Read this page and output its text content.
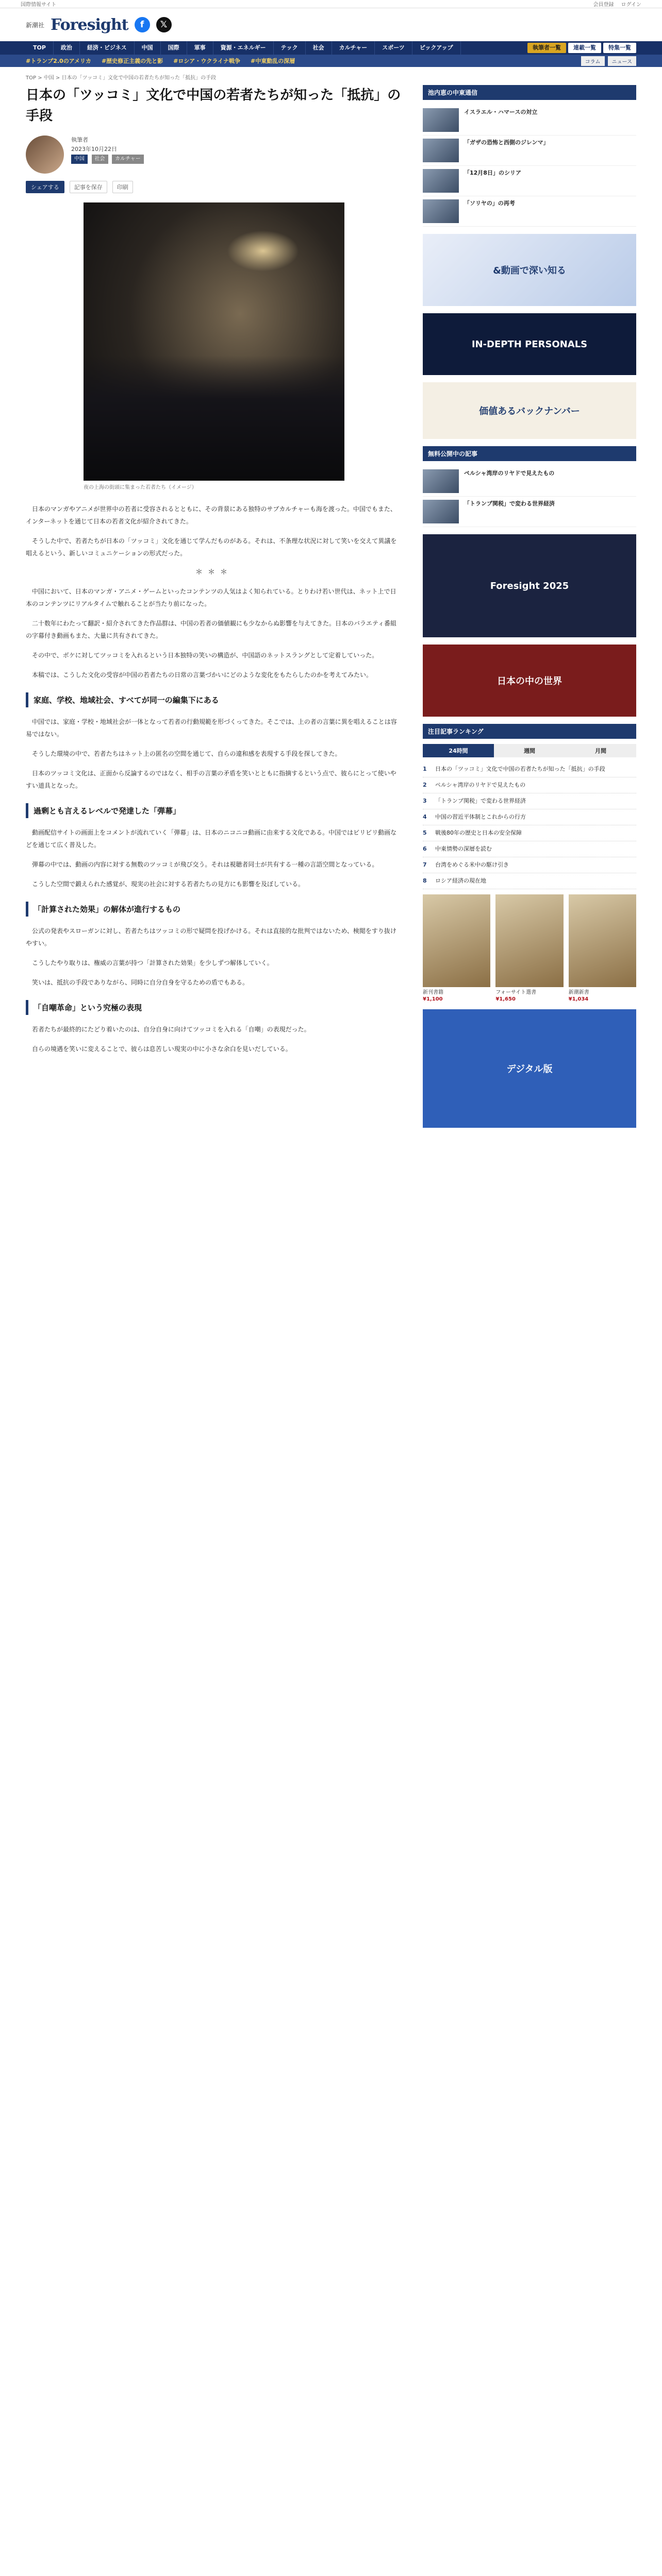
国際情報サイト	会員登録 ログイン
新潮社 Foresight	f	𝕏
TOP	政治	経済・ビジネス	中国	国際	軍事	資源・エネルギー	テック	社会	カルチャー	スポーツ	ピックアップ	執筆者一覧	連載一覧	特集一覧
#トランプ2.0のアメリカ #歴史修正主義の先と影 #ロシア・ウクライナ戦争 #中東動乱の深層	コラム	ニュース
TOP > 中国 > 日本の「ツッコミ」文化で中国の若者たちが知った「抵抗」の手段
日本の「ツッコミ」文化で中国の若者たちが知った「抵抗」の手段
執筆者
2023年10月22日
中国 社会 カルチャー
シェアする	記事を保存	印刷
夜の上海の街頭に集まった若者たち（イメージ）

日本のマンガやアニメが世界中の若者に受容されるとともに、その背景にある独特のサブカルチャーも海を渡った。中国でもまた、インターネットを通じて日本の若者文化が紹介されてきた。

そうした中で、若者たちが日本の「ツッコミ」文化を通じて学んだものがある。それは、不条理な状況に対して笑いを交えて異議を唱えるという、新しいコミュニケーションの形式だった。

＊＊＊

中国において、日本のマンガ・アニメ・ゲームといったコンテンツの人気はよく知られている。とりわけ若い世代は、ネット上で日本のコンテンツにリアルタイムで触れることが当たり前になった。

二十数年にわたって翻訳・紹介されてきた作品群は、中国の若者の価値観にも少なからぬ影響を与えてきた。日本のバラエティ番組の字幕付き動画もまた、大量に共有されてきた。

その中で、ボケに対してツッコミを入れるという日本独特の笑いの構造が、中国語のネットスラングとして定着していった。

本稿では、こうした文化の受容が中国の若者たちの日常の言葉づかいにどのような変化をもたらしたのかを考えてみたい。

家庭、学校、地域社会、すべてが同一の編集下にある

中国では、家庭・学校・地域社会が一体となって若者の行動規範を形づくってきた。そこでは、上の者の言葉に異を唱えることは容易ではない。

そうした環境の中で、若者たちはネット上の匿名の空間を通じて、自らの違和感を表現する手段を探してきた。

日本のツッコミ文化は、正面から反論するのではなく、相手の言葉の矛盾を笑いとともに指摘するという点で、彼らにとって使いやすい道具となった。

過剰とも言えるレベルで発達した「弾幕」

動画配信サイトの画面上をコメントが流れていく「弾幕」は、日本のニコニコ動画に由来する文化である。中国ではビリビリ動画などを通じて広く普及した。

弾幕の中では、動画の内容に対する無数のツッコミが飛び交う。それは視聴者同士が共有する一種の言語空間となっている。

こうした空間で鍛えられた感覚が、現実の社会に対する若者たちの見方にも影響を及ぼしている。

「計算された効果」の解体が進行するもの

公式の発表やスローガンに対し、若者たちはツッコミの形で疑問を投げかける。それは直接的な批判ではないため、検閲をすり抜けやすい。

こうしたやり取りは、権威の言葉が持つ「計算された効果」を少しずつ解体していく。

笑いは、抵抗の手段でありながら、同時に自分自身を守るための盾でもある。

「自嘲革命」という究極の表現

若者たちが最終的にたどり着いたのは、自分自身に向けてツッコミを入れる「自嘲」の表現だった。

自らの境遇を笑いに変えることで、彼らは息苦しい現実の中に小さな余白を見いだしている。

池内恵の中東通信
イスラエル・ハマースの対立
「ガザの恐怖と西側のジレンマ」
「12月8日」のシリア
「ソリヤの」の再考
&動画で深い知る
IN-DEPTH PERSONALS
価値あるバックナンバー
無料公開中の記事
ペルシャ湾岸のリヤドで見えたもの
「トランプ関税」で変わる世界経済
Foresight 2025
日本の中の世界
注目記事ランキング
24時間	週間	月間
1	日本の「ツッコミ」文化で中国の若者たちが知った「抵抗」の手段
2	ペルシャ湾岸のリヤドで見えたもの
3	「トランプ関税」で変わる世界経済
4	中国の習近平体制とこれからの行方
5	戦後80年の歴史と日本の安全保障
6	中東情勢の深層を読む
7	台湾をめぐる米中の駆け引き
8	ロシア経済の現在地
新刊書籍
¥1,100
フォーサイト選書
¥1,650
新潮新書
¥1,034
デジタル版
